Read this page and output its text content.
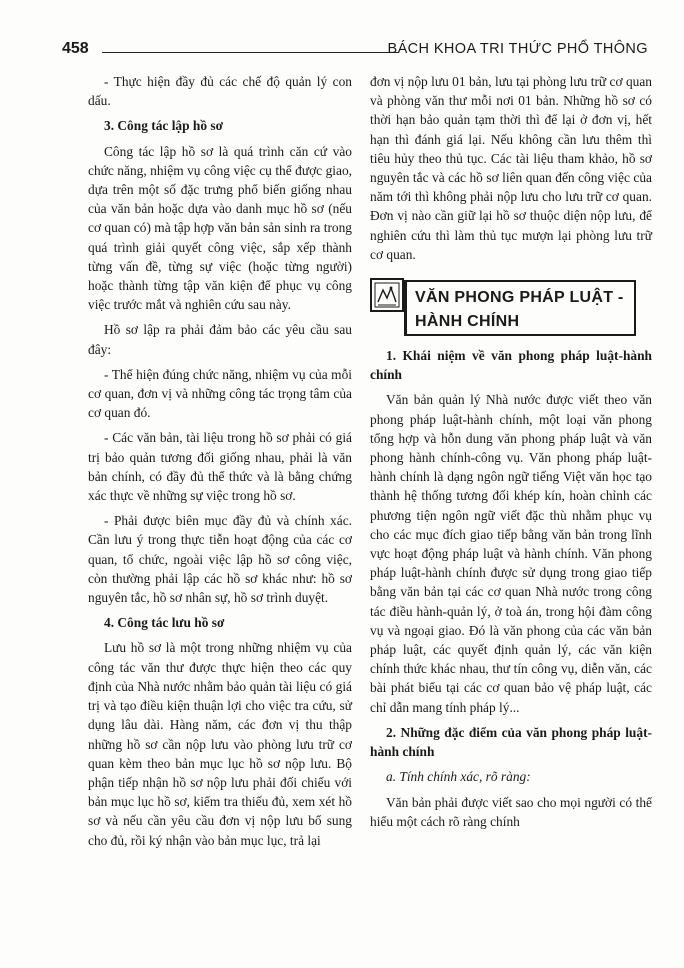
458	BÁCH KHOA TRI THỨC PHỔ THÔNG

- Thực hiện đầy đủ các chế độ quản lý con dấu.

3. Công tác lập hồ sơ

Công tác lập hồ sơ là quá trình căn cứ vào chức năng, nhiệm vụ công việc cụ thể được giao, dựa trên một số đặc trưng phổ biến giống nhau của văn bản hoặc dựa vào danh mục hồ sơ (nếu cơ quan có) mà tập hợp văn bản sản sinh ra trong quá trình giải quyết công việc, sắp xếp thành từng vấn đề, từng sự việc (hoặc từng người) hoặc thành từng tập văn kiện để phục vụ công việc trước mắt và nghiên cứu sau này.

Hồ sơ lập ra phải đảm bảo các yêu cầu sau đây:

- Thể hiện đúng chức năng, nhiệm vụ của mỗi cơ quan, đơn vị và những công tác trọng tâm của cơ quan đó.

- Các văn bản, tài liệu trong hồ sơ phải có giá trị bảo quản tương đối giống nhau, phải là văn bản chính, có đầy đủ thể thức và là bằng chứng xác thực về những sự việc trong hồ sơ.

- Phải được biên mục đầy đủ và chính xác. Cần lưu ý trong thực tiễn hoạt động của các cơ quan, tổ chức, ngoài việc lập hồ sơ công việc, còn thường phải lập các hồ sơ khác như: hồ sơ nguyên tắc, hồ sơ nhân sự, hồ sơ trình duyệt.

4. Công tác lưu hồ sơ

Lưu hồ sơ là một trong những nhiệm vụ của công tác văn thư được thực hiện theo các quy định của Nhà nước nhằm bảo quản tài liệu có giá trị và tạo điều kiện thuận lợi cho việc tra cứu, sử dụng lâu dài. Hàng năm, các đơn vị thu thập những hồ sơ cần nộp lưu vào phòng lưu trữ cơ quan kèm theo bản mục lục hồ sơ nộp lưu. Bộ phận tiếp nhận hồ sơ nộp lưu phải đối chiếu với bản mục lục hồ sơ, kiểm tra thiếu đủ, xem xét hồ sơ và nếu cần yêu cầu đơn vị nộp lưu bổ sung cho đủ, rồi ký nhận vào bản mục lục, trả lại

đơn vị nộp lưu 01 bản, lưu tại phòng lưu trữ cơ quan và phòng văn thư mỗi nơi 01 bản. Những hồ sơ có thời hạn bảo quản tạm thời thì để lại ở đơn vị, hết hạn thì đánh giá lại. Nếu không cần lưu thêm thì tiêu hủy theo thủ tục. Các tài liệu tham khảo, hồ sơ nguyên tắc và các hồ sơ liên quan đến công việc của năm tới thì không phải nộp lưu cho lưu trữ cơ quan. Đơn vị nào cần giữ lại hồ sơ thuộc diện nộp lưu, để nghiên cứu thì làm thủ tục mượn lại phòng lưu trữ cơ quan.

VĂN PHONG PHÁP LUẬT -
HÀNH CHÍNH
1. Khái niệm về văn phong pháp luật-hành chính

Văn bản quản lý Nhà nước được viết theo văn phong pháp luật-hành chính, một loại văn phong tổng hợp và hỗn dung văn phong pháp luật và văn phong hành chính-công vụ. Văn phong pháp luật-hành chính là dạng ngôn ngữ tiếng Việt văn học tạo thành hệ thống tương đối khép kín, hoàn chỉnh các phương tiện ngôn ngữ viết đặc thù nhằm phục vụ cho các mục đích giao tiếp bằng văn bản trong lĩnh vực hoạt động pháp luật và hành chính. Văn phong pháp luật-hành chính được sử dụng trong giao tiếp bằng văn bản tại các cơ quan Nhà nước trong công tác điều hành-quản lý, ở toà án, trong hội đàm công vụ và ngoại giao. Đó là văn phong của các văn bản pháp luật, các quyết định quản lý, các văn kiện chính thức khác nhau, thư tín công vụ, diễn văn, các bài phát biểu tại các cơ quan bảo vệ pháp luật, các chỉ dẫn mang tính pháp lý...

2. Những đặc điểm của văn phong pháp luật-hành chính

a. Tính chính xác, rõ ràng:

Văn bản phải được viết sao cho mọi người có thể hiểu một cách rõ ràng chính
